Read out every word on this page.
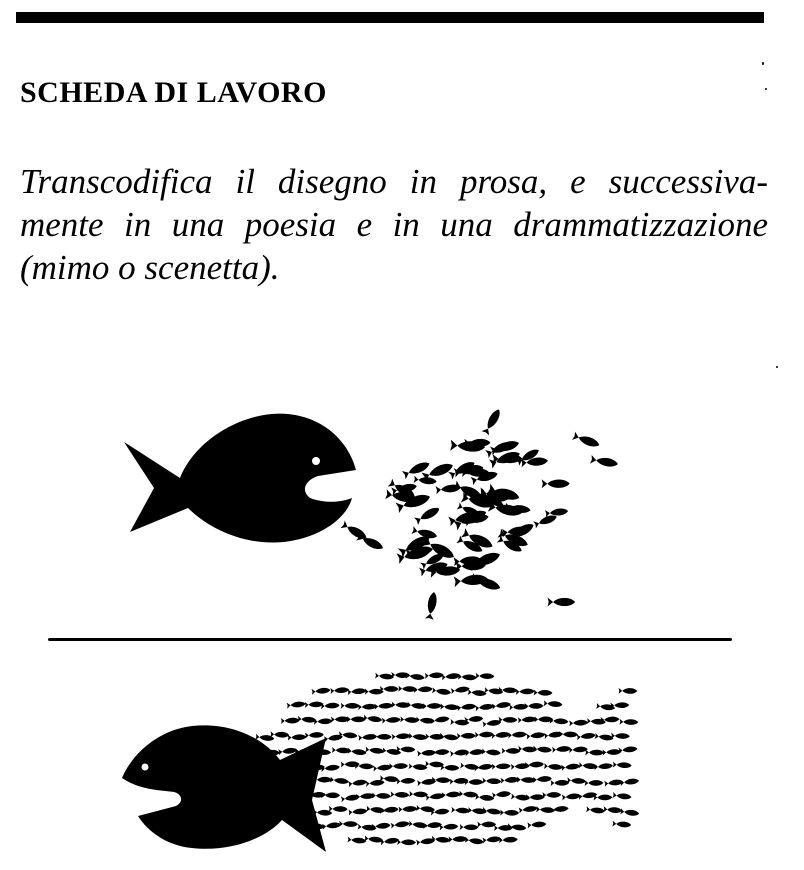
SCHEDA DI LAVORO

Transcodifica il disegno in prosa, e successiva-
mente in una poesia e in una drammatizzazione
(mimo o scenetta).
